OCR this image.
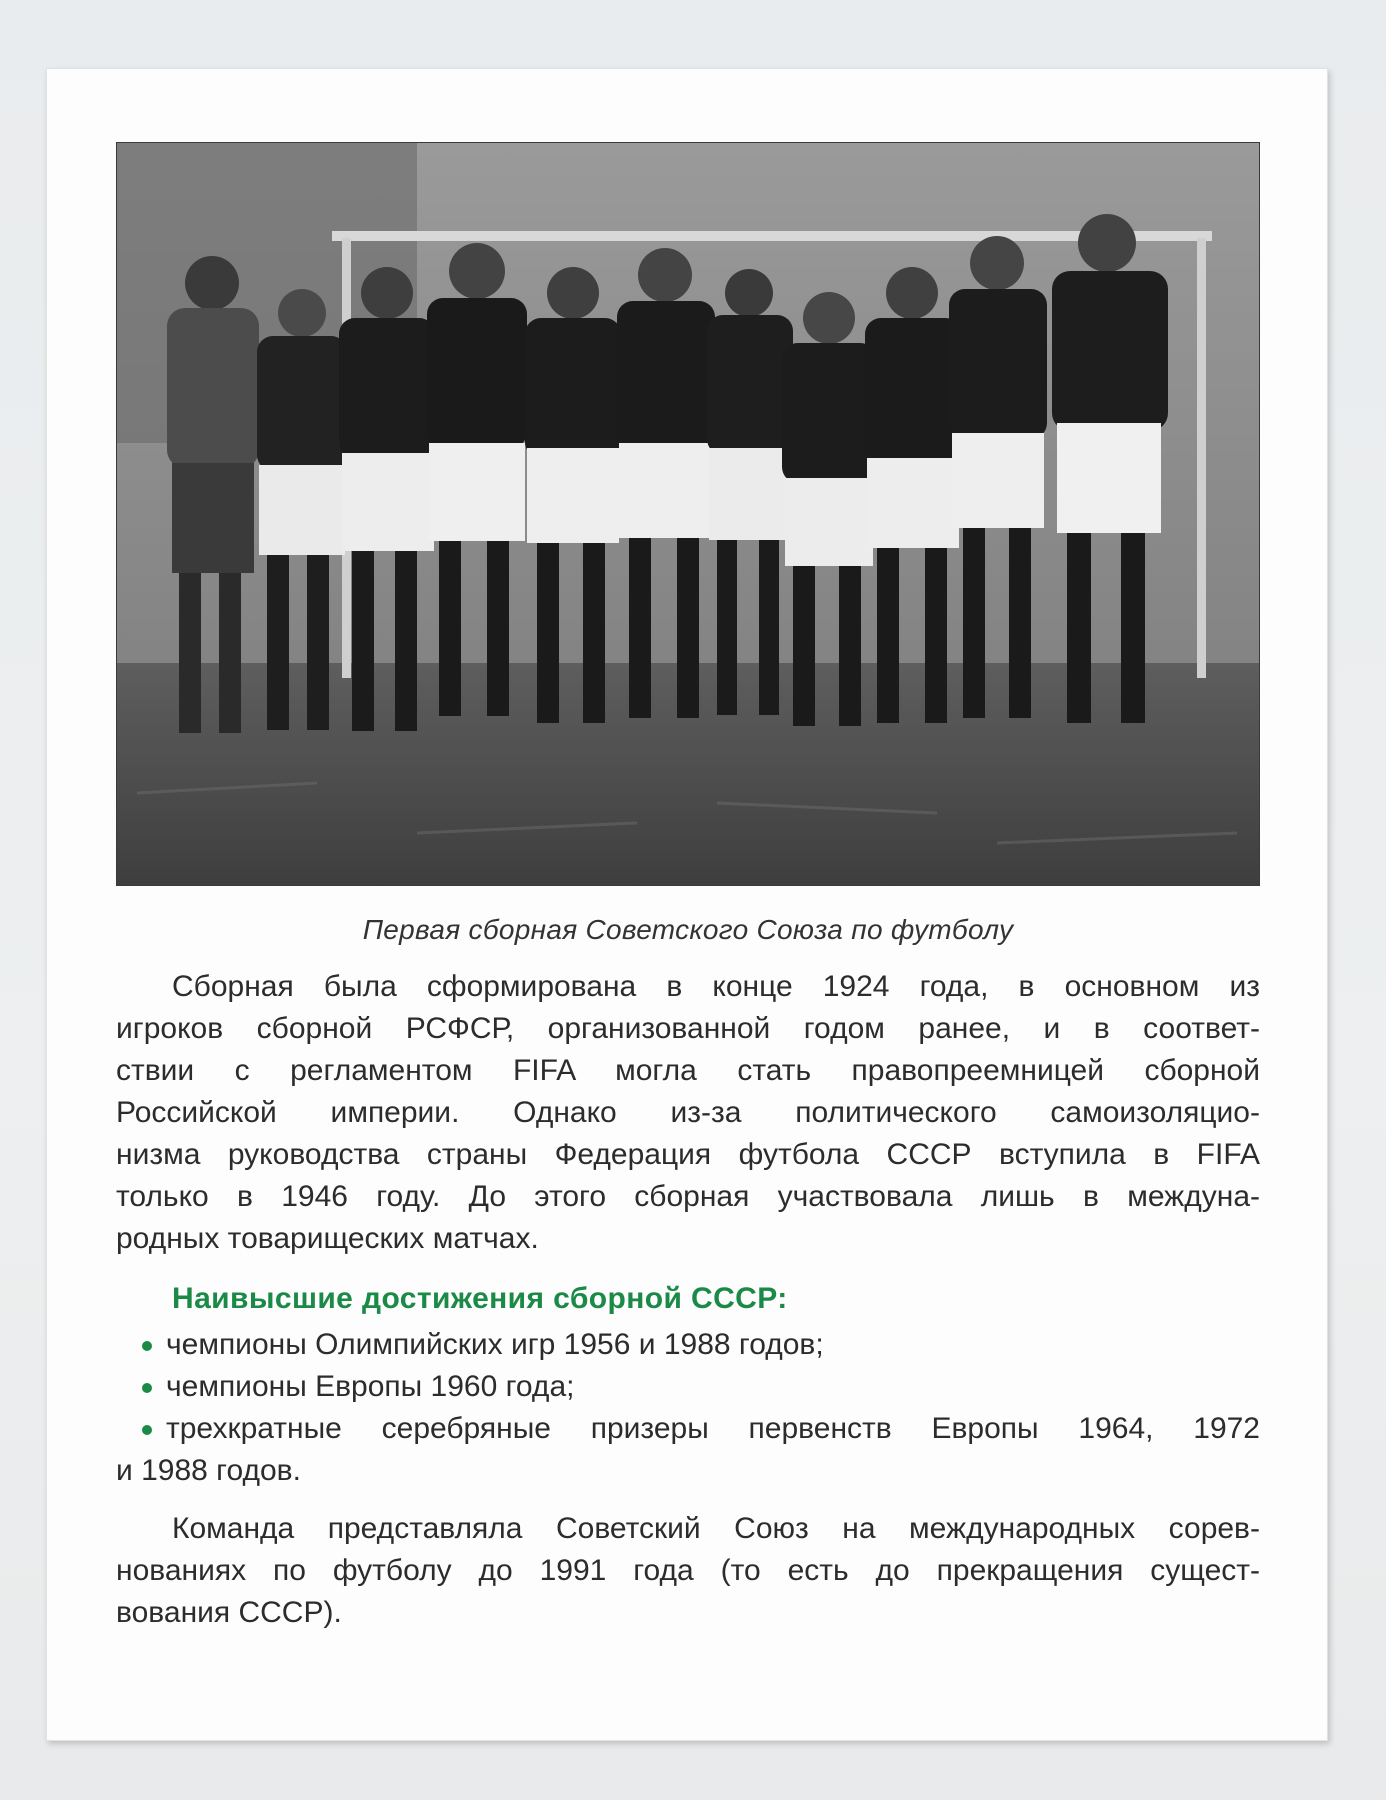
Первая сборная Советского Союза по футболу
Сборная была сформирована в конце 1924 года, в основном из
игроков сборной РСФСР, организованной годом ранее, и в соответ-
ствии с регламентом FIFA могла стать правопреемницей сборной
Российской империи. Однако из-за политического самоизоляцио-
низма руководства страны Федерация футбола СССР вступила в FIFA
только в 1946 году. До этого сборная участвовала лишь в междуна-
родных товарищеских матчах.
Наивысшие достижения сборной СССР:
чемпионы Олимпийских игр 1956 и 1988 годов;
чемпионы Европы 1960 года;
трехкратные серебряные призеры первенств Европы 1964, 1972
и 1988 годов.
Команда представляла Советский Союз на международных сорев-
нованиях по футболу до 1991 года (то есть до прекращения сущест-
вования СССР).
